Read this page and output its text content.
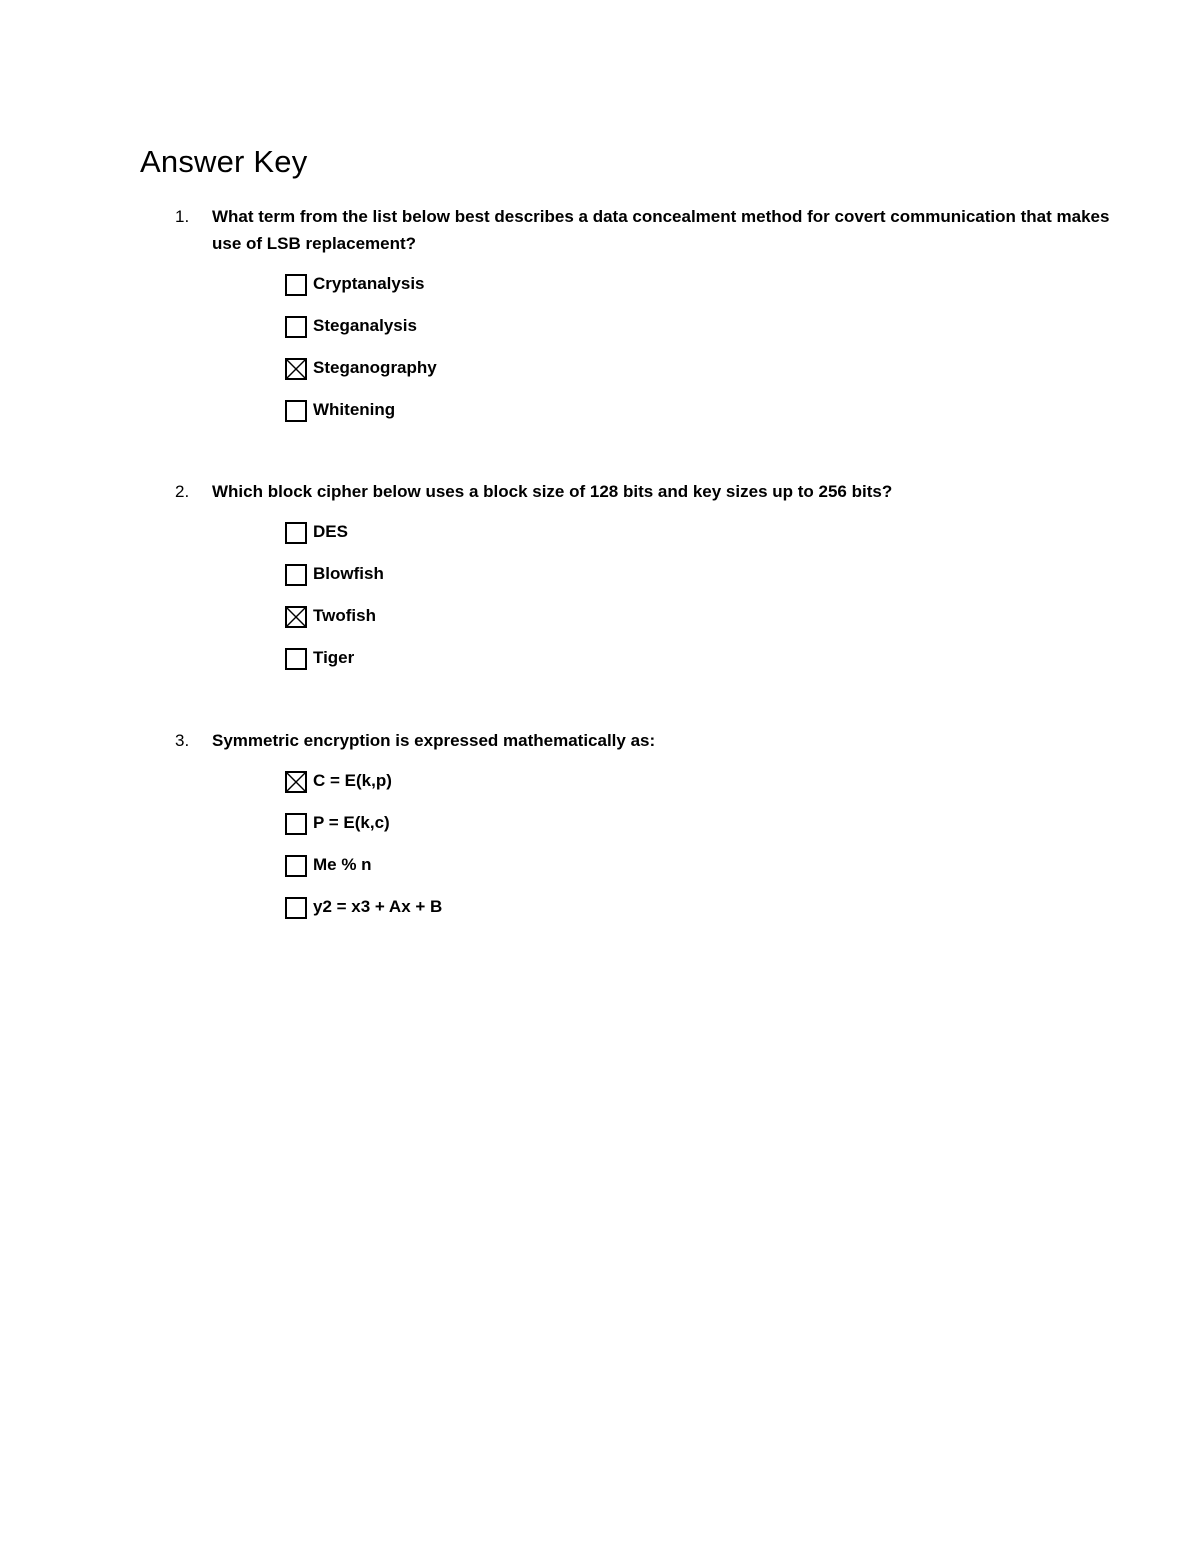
Answer Key
1. What term from the list below best describes a data concealment method for covert communication that makes use of LSB replacement?
Cryptanalysis
Steganalysis
Steganography
Whitening
2. Which block cipher below uses a block size of 128 bits and key sizes up to 256 bits?
DES
Blowfish
Twofish
Tiger
3. Symmetric encryption is expressed mathematically as:
C = E(k,p)
P = E(k,c)
Me % n
y2 = x3 + Ax + B
